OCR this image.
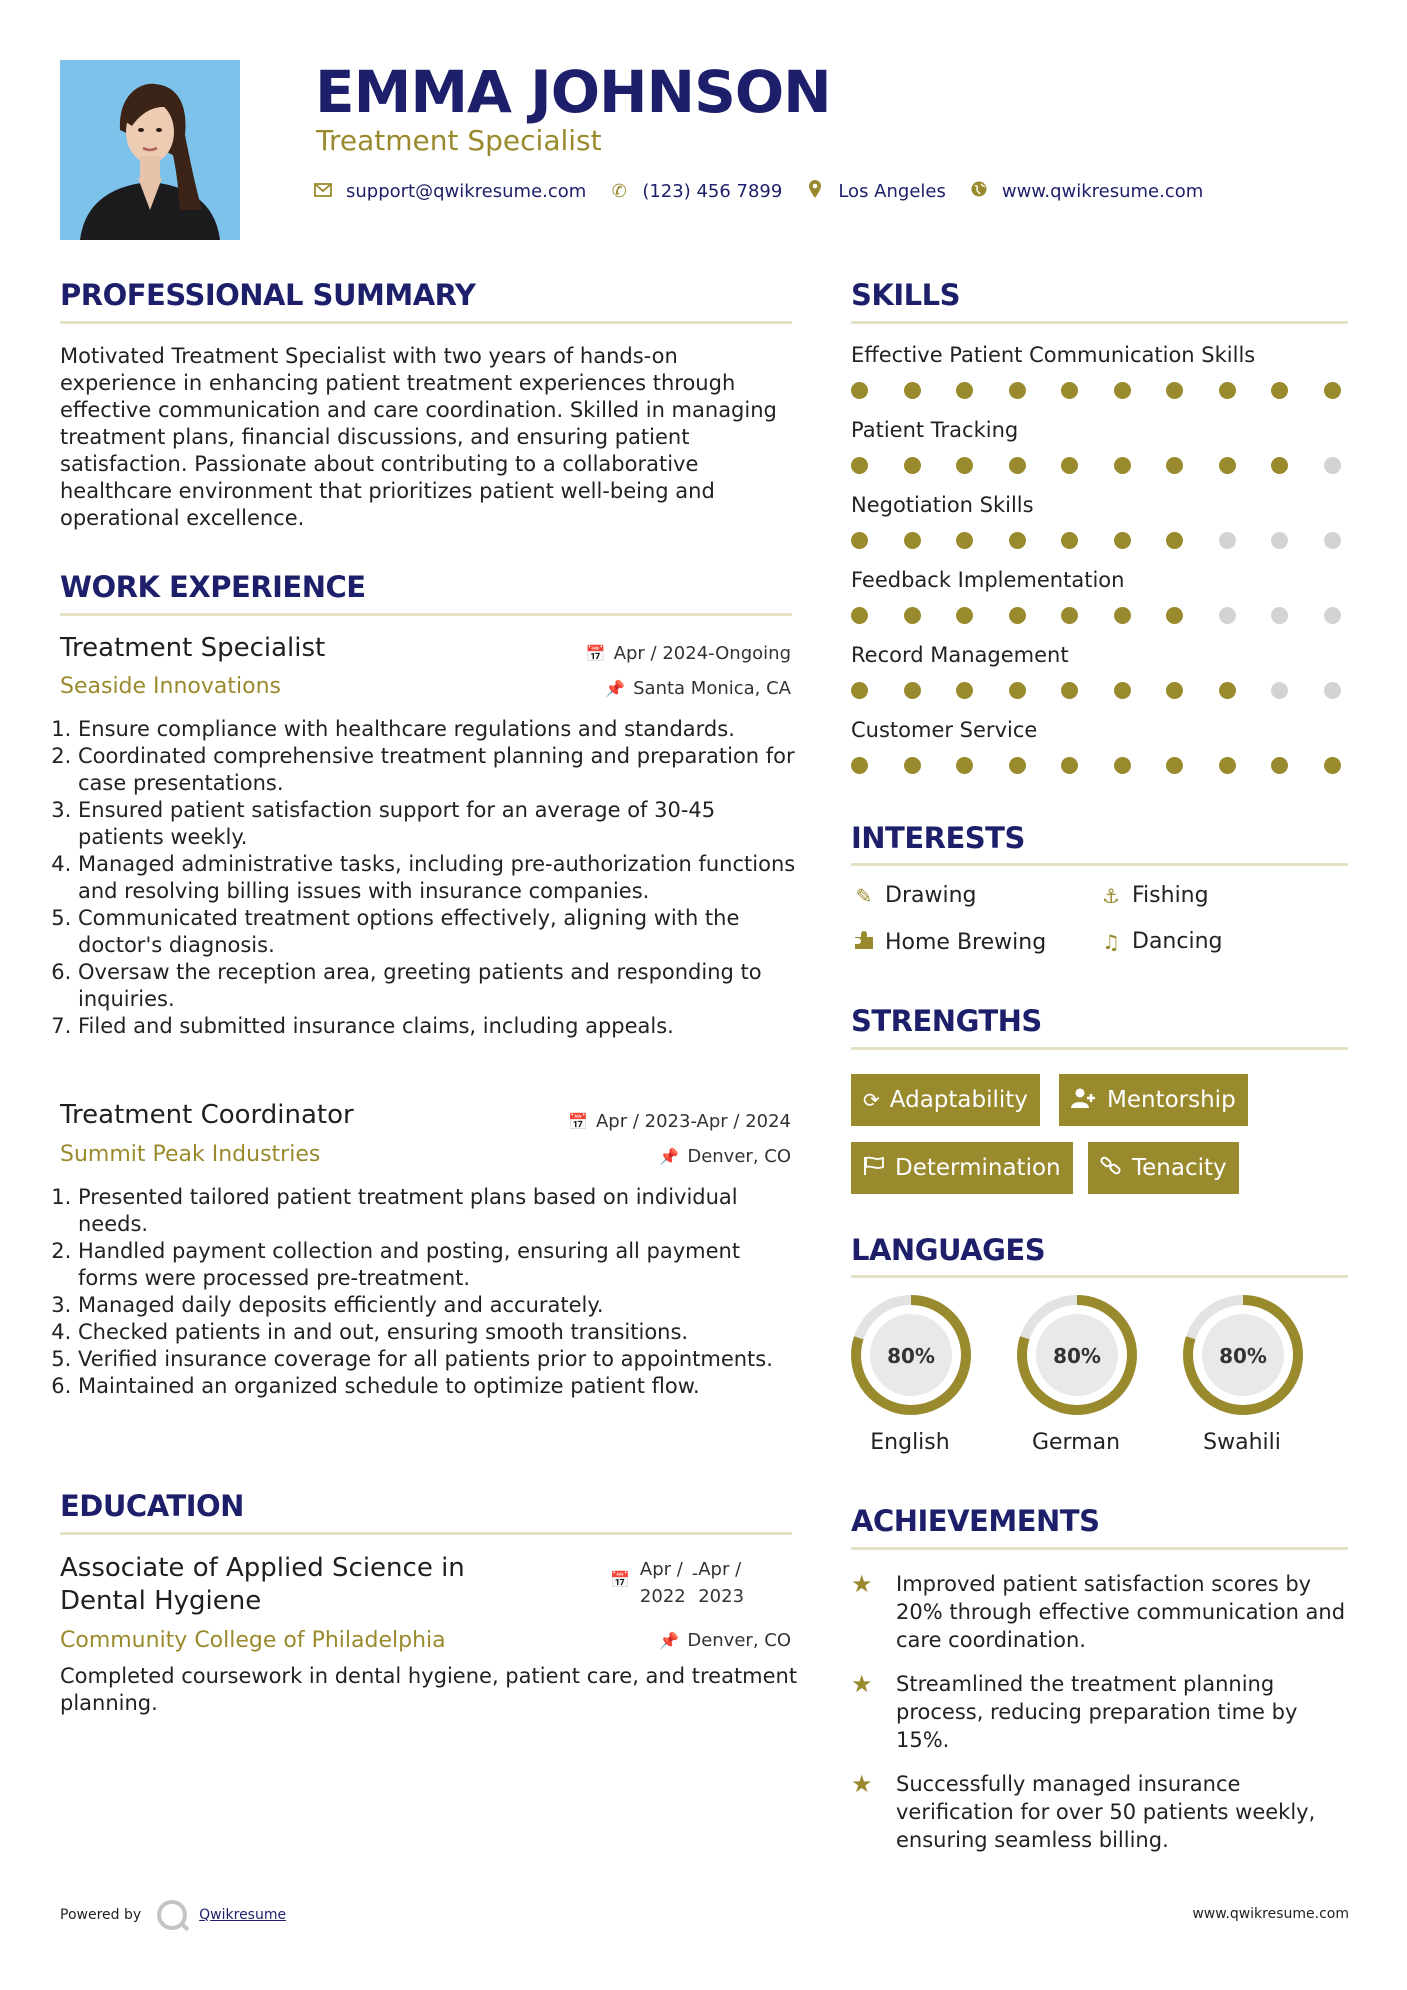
EMMA JOHNSON
Treatment Specialist
support@qwikresume.com ✆ (123) 456 7899	Los Angeles	www.qwikresume.com
PROFESSIONAL SUMMARY
Motivated Treatment Specialist with two years of hands-on experience in enhancing patient treatment experiences through effective communication and care coordination. Skilled in managing treatment plans, financial discussions, and ensuring patient satisfaction. Passionate about contributing to a collaborative healthcare environment that prioritizes patient well-being and operational excellence.
WORK EXPERIENCE
Treatment Specialist	📅 Apr / 2024-Ongoing
Seaside Innovations	📌 Santa Monica, CA
1. Ensure compliance with healthcare regulations and standards.
2. Coordinated comprehensive treatment planning and preparation for case presentations.
3. Ensured patient satisfaction support for an average of 30-45 patients weekly.
4. Managed administrative tasks, including pre-authorization functions and resolving billing issues with insurance companies.
5. Communicated treatment options effectively, aligning with the doctor's diagnosis.
6. Oversaw the reception area, greeting patients and responding to inquiries.
7. Filed and submitted insurance claims, including appeals.
Treatment Coordinator	📅 Apr / 2023-Apr / 2024
Summit Peak Industries	📌 Denver, CO
1. Presented tailored patient treatment plans based on individual needs.
2. Handled payment collection and posting, ensuring all payment forms were processed pre-treatment.
3. Managed daily deposits efficiently and accurately.
4. Checked patients in and out, ensuring smooth transitions.
5. Verified insurance coverage for all patients prior to appointments.
6. Maintained an organized schedule to optimize patient flow.
EDUCATION
Associate of Applied Science in
Dental Hygiene
📅 Apr /
2022
- Apr /
2023
Community College of Philadelphia	📌 Denver, CO
Completed coursework in dental hygiene, patient care, and treatment planning.
SKILLS
Effective Patient Communication Skills
Patient Tracking
Negotiation Skills
Feedback Implementation
Record Management
Customer Service
INTERESTS
✎ Drawing	⚓ Fishing
Home Brewing	♫ Dancing
STRENGTHS
⟳ Adaptability	Mentorship
Determination	Tenacity
LANGUAGES
80%
English
80%
German
80%
Swahili
ACHIEVEMENTS
★ Improved patient satisfaction scores by 20% through effective communication and care coordination.
★ Streamlined the treatment planning process, reducing preparation time by 15%.
★ Successfully managed insurance verification for over 50 patients weekly, ensuring seamless billing.
Powered by	Qwikresume	www.qwikresume.com
